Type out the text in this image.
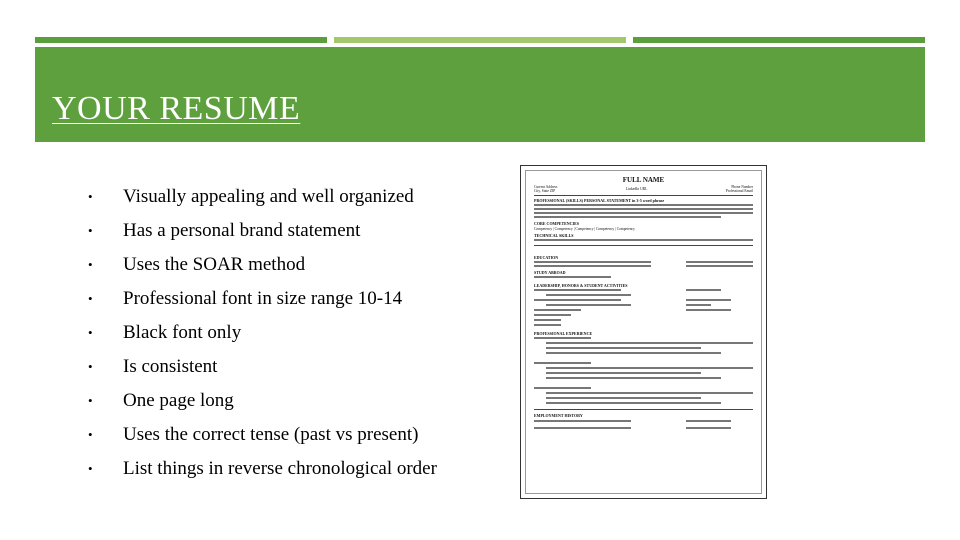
YOUR RESUME
•	Visually appealing and well organized
•	Has a personal brand statement
•	Uses the SOAR method
•	Professional font in size range 10-14
•	Black font only
•	Is consistent
•	One page long
•	Uses the correct tense (past vs present)
•	List things in reverse chronological order
FULL NAME
Current Address
City, State ZIP	LinkedIn URL	Phone Number
Professional Email
PROFESSIONAL (SKILLS) PERSONAL STATEMENT in 3-5 word phrase
CORE COMPETENCIES
Competency | Competency | Competency | Competency | Competency
TECHNICAL SKILLS
EDUCATION
STUDY ABROAD
LEADERSHIP, HONORS & STUDENT ACTIVITIES
PROFESSIONAL EXPERIENCE
EMPLOYMENT HISTORY
